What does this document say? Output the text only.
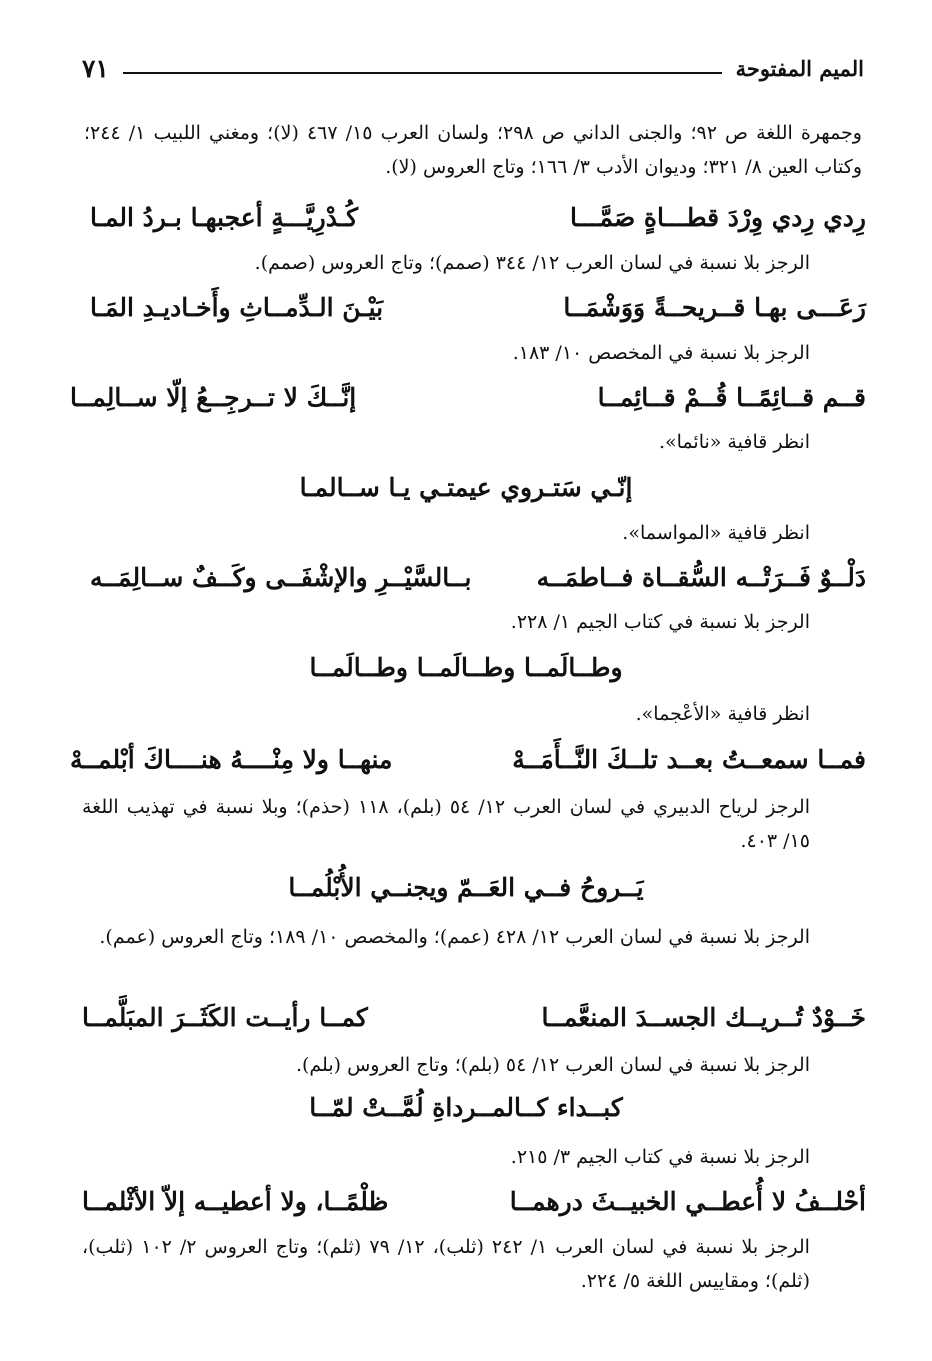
الميم المفتوحة
٧١
وجمهرة اللغة ص ٩٢؛ والجنى الداني ص ٢٩٨؛ ولسان العرب ١٥/ ٤٦٧ (لا)؛ ومغني اللبيب ١/ ٢٤٤؛ وكتاب العين ٨/ ٣٢١؛ وديوان الأدب ٣/ ١٦٦؛ وتاج العروس (لا).
رِدي رِدي وِرْدَ قطـــاةٍ صَمَّـــا
كُـدْرِيَّـــةٍ أعجبهـا بـردُ المـا
الرجز بلا نسبة في لسان العرب ١٢/ ٣٤٤ (صمم)؛ وتاج العروس (صمم).
رَعَـــى بهـا قــريحــةً وَوَشْمَــا
بَيْـنَ الـدِّمــاثِ وأَخـاديـدِ المَـا
الرجز بلا نسبة في المخصص ١٠/ ١٨٣.
قــم قــائِمًــا قُــمْ قــائِمــا
إنَّــكَ لا تــرجِــعُ إلّا ســالِمــا
انظر قافية «نائما».
إنّـي سَتـروي عيمتـي يـا ســالمـا
انظر قافية «المواسما».
دَلْــوٌ فَــرَتْــه السُّقــاة فــاطمَــه
بــالسَّيْــرِ والإشْفَــى وكَــفٌ ســالِمَــه
الرجز بلا نسبة في كتاب الجيم ١/ ٢٢٨.
وطــالَمــا وطــالَمــا وطــالَمــا
انظر قافية «الأعْجما».
فمــا سمعــتُ بعــد تلــكَ النَّــأَمَــهْ
منهــا ولا مِنْــــهُ هنــــاكَ أبْلمــهْ
الرجز لرياح الدبيري في لسان العرب ١٢/ ٥٤ (بلم)، ١١٨ (حذم)؛ وبلا نسبة في تهذيب اللغة ١٥/ ٤٠٣.
يَــروحُ فــي العَــمّ ويجنــي الأُبْلُمــا
الرجز بلا نسبة في لسان العرب ١٢/ ٤٢٨ (عمم)؛ والمخصص ١٠/ ١٨٩؛ وتاج العروس (عمم).
خَــوْدٌ تُــريــك الجســدَ المنعَّمــا
كمــا رأيــت الكَثَــرَ المبَلَّمــا
الرجز بلا نسبة في لسان العرب ١٢/ ٥٤ (بلم)؛ وتاج العروس (بلم).
كبــداء كــالمــرداةِ لُمَّــتْ لمّــا
الرجز بلا نسبة في كتاب الجيم ٣/ ٢١٥.
أحْلــفُ لا أُعطــي الخبيــثَ درهمــا
ظلْمًــا، ولا أعطيــه إلاّ الأثْلمــا
الرجز بلا نسبة في لسان العرب ١/ ٢٤٢ (ثلب)، ١٢/ ٧٩ (ثلم)؛ وتاج العروس ٢/ ١٠٢ (ثلب)، (ثلم)؛ ومقاييس اللغة ٥/ ٢٢٤.
